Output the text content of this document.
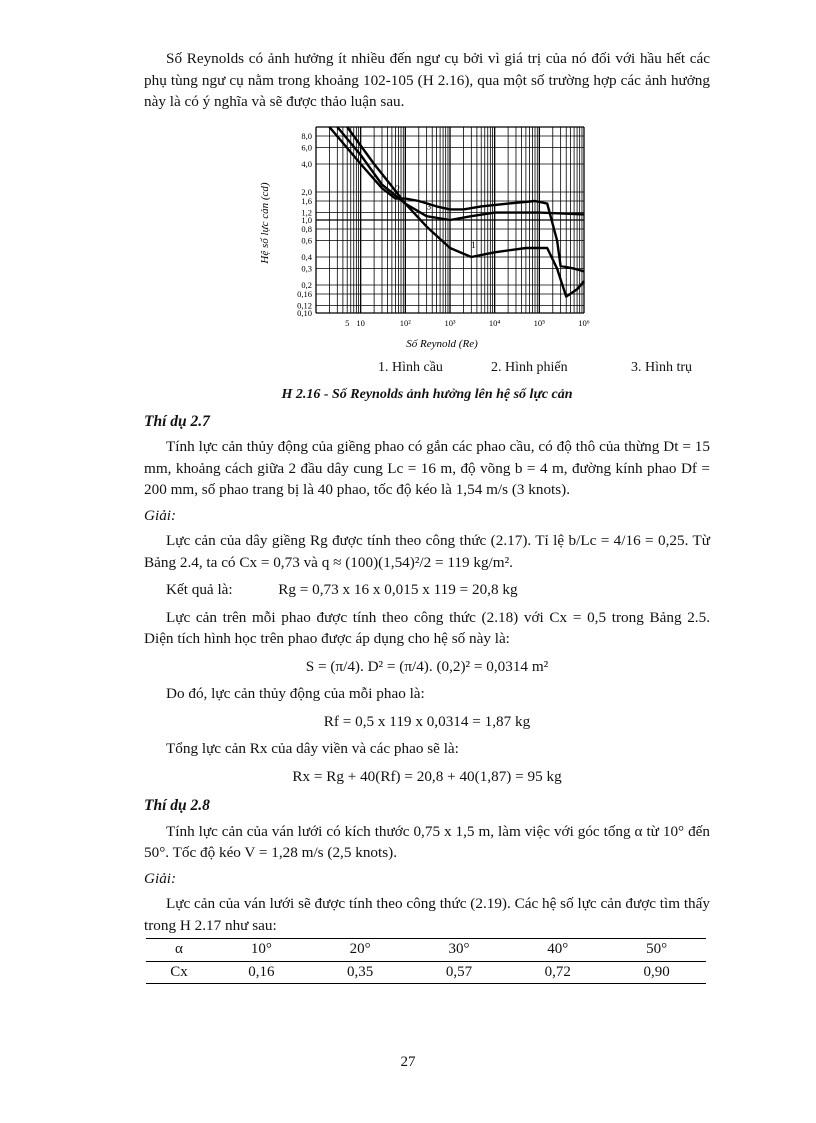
Số Reynolds có ảnh hưởng ít nhiều đến ngư cụ bởi vì giá trị của nó đối với hầu hết các phụ tùng ngư cụ nằm trong khoảng 102-105 (H 2.16), qua một số trường hợp các ảnh hưởng này là có ý nghĩa và sẽ được thảo luận sau.

8,0
6,0
4,0
2,0
1,6
1,2
1,0
0,8
0,6
0,4
0,3
0,2
0,16
0,12
0,10
5 10	10²	10³	10⁴	10⁵	10⁶
1
2
3
Hệ số lực cản (cd)
Số Reynold (Re)
1. Hình cầu	2. Hình phiến	3. Hình trụ

H 2.16 - Số Reynolds ảnh hưởng lên hệ số lực cản

Thí dụ 2.7

Tính lực cản thủy động của giềng phao có gắn các phao cầu, có độ thô của thừng Dt = 15 mm, khoảng cách giữa 2 đầu dây cung Lc = 16 m, độ võng b = 4 m, đường kính phao Df = 200 mm, số phao trang bị là 40 phao, tốc độ kéo là 1,54 m/s (3 knots).

Giải:

Lực cản của dây giềng Rg được tính theo công thức (2.17). Tỉ lệ b/Lc = 4/16 = 0,25. Từ Bảng 2.4, ta có Cx = 0,73 và q ≈ (100)(1,54)²/2 = 119 kg/m².

Kết quả là:	Rg = 0,73 x 16 x 0,015 x 119 = 20,8 kg

Lực cản trên mỗi phao được tính theo công thức (2.18) với Cx = 0,5 trong Bảng 2.5. Diện tích hình học trên phao được áp dụng cho hệ số này là:

S = (π/4). D² = (π/4). (0,2)² = 0,0314 m²

Do đó, lực cản thủy động của mỗi phao là:

Rf = 0,5 x 119 x 0,0314 = 1,87 kg

Tổng lực cản Rx của dây viền và các phao sẽ là:

Rx = Rg + 40(Rf) = 20,8 + 40(1,87) = 95 kg

Thí dụ 2.8

Tính lực cản của ván lưới có kích thước 0,75 x 1,5 m, làm việc với góc tống α từ 10° đến 50°. Tốc độ kéo V = 1,28 m/s (2,5 knots).

Giải:

Lực cản của ván lưới sẽ được tính theo công thức (2.19). Các hệ số lực cản được tìm thấy trong H 2.17 như sau:

α	10°	20°	30°	40°	50°
Cx	0,16	0,35	0,57	0,72	0,90
27
